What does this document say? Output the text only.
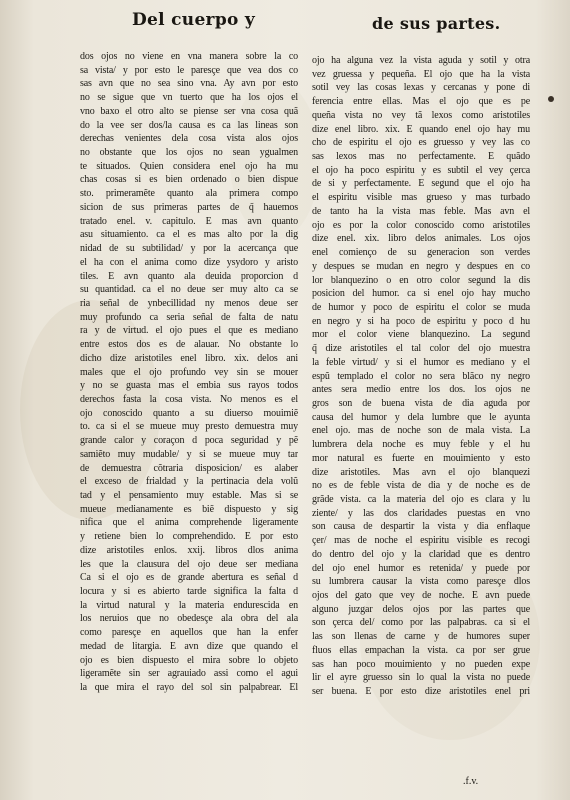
Del cuerpo y	de sus partes.
dos ojos no viene en vna manera sobre la co
sa vista/ y por esto le paresçe que vea dos co
sas avn que no sea sino vna. Ay avn por esto
no se sigue que vn tuerto que ha los ojos el
vno baxo el otro alto se piense ser vna cosa quã
do la vee ser dos/la causa es ca las lineas son
derechas venientes dela cosa vista alos ojos
no obstante que los ojos no sean ygualmen
te situados. Quien considera enel ojo ha mu
chas cosas si es bien ordenado o bien dispue
sto. primeramẽte quanto ala primera compo
sicion de sus primeras partes de q̃ hauemos
tratado enel. v. capitulo. E mas avn quanto
asu situamiento. ca el es mas alto por la dig
nidad de su subtilidad/ y por la acercança que
el ha con el anima como dize ysydoro y aristo
tiles. E avn quanto ala deuida proporcion d
su quantidad. ca el no deue ser muy alto ca se
ria señal de ynbecillidad ny menos deue ser
muy profundo ca seria señal de falta de natu
ra y de virtud. el ojo pues el que es mediano
entre estos dos es de alauar. No obstante lo
dicho dize aristotiles enel libro. xix. delos ani
males que el ojo profundo vey sin se mouer
y no se guasta mas el embia sus rayos todos
derechos fasta la cosa vista. No menos es el
ojo conoscido quanto a su diuerso mouimiẽ
to. ca si el se mueue muy presto demuestra muy
grande calor y coraçon d poca seguridad y pẽ
samiẽto muy mudable/ y si se mueue muy tar
de demuestra cõtraria disposicion/ es alaber
el exceso de frialdad y la pertinacia dela volũ
tad y el pensamiento muy estable. Mas si se
mueue medianamente es biẽ dispuesto y sig
nifica que el anima comprehende ligeramente
y retiene bien lo comprehendido. E por esto
dize aristotiles enlos. xxij. libros dlos anima
les que la clausura del ojo deue ser mediana
Ca si el ojo es de grande abertura es señal d
locura y si es abierto tarde significa la falta d
la virtud natural y la materia endurescida en
los neruios que no obedesçe ala obra del ala
como paresçe en aquellos que han la enfer
medad de litargia. E avn dize que quando el
ojo es bien dispuesto el mira sobre lo objeto
ligeramẽte sin ser agrauiado assi como el agui
la que mira el rayo del sol sin palpabrear. El
ojo ha alguna vez la vista aguda y sotil y otra
vez gruessa y pequeña. El ojo que ha la vista
sotil vey las cosas lexas y cercanas y pone di
ferencia entre ellas. Mas el ojo que es pe
queña vista no vey tã lexos como aristotiles
dize enel libro. xix. E quando enel ojo hay mu
cho de espiritu el ojo es gruesso y vey las co
sas lexos mas no perfectamente. E quãdo
el ojo ha poco espiritu y es subtil el vey çerca
de si y perfectamente. E segund que el ojo ha
el espiritu visible mas grueso y mas turbado
de tanto ha la vista mas feble. Mas avn el
ojo es por la color conoscido como aristotiles
dize enel. xix. libro delos animales. Los ojos
enel comienço de su generacion son verdes
y despues se mudan en negro y despues en co
lor blanquezino o en otro color segund la dis
posicion del humor. ca si enel ojo hay mucho
de humor y poco de espiritu el color se muda
en negro y si ha poco de espiritu y poco d hu
mor el color viene blanquezino. La segund
q̃ dize aristotiles el tal color del ojo muestra
la feble virtud/ y si el humor es mediano y el
espũ templado el color no sera blãco ny negro
antes sera medio entre los dos. los ojos ne
gros son de buena vista de dia aguda por
causa del humor y dela lumbre que le ayunta
enel ojo. mas de noche son de mala vista. La
lumbrera dela noche es muy feble y el hu
mor natural es fuerte en mouimiento y esto
dize aristotiles. Mas avn el ojo blanquezi
no es de feble vista de dia y de noche es de
grãde vista. ca la materia del ojo es clara y lu
ziente/ y las dos claridades puestas en vno
son causa de despartir la vista y dia enflaque
çer/ mas de noche el espiritu visible es recogi
do dentro del ojo y la claridad que es dentro
del ojo enel humor es retenida/ y puede por
su lumbrera causar la vista como paresçe dlos
ojos del gato que vey de noche. E avn puede
alguno juzgar delos ojos por las partes que
son çerca del/ como por las palpabras. ca si el
las son llenas de carne y de humores super
fluos ellas empachan la vista. ca por ser grue
sas han poco mouimiento y no pueden expe
lir el ayre gruesso sin lo qual la vista no puede
ser buena. E por esto dize aristotiles enel pri
.f.v.
